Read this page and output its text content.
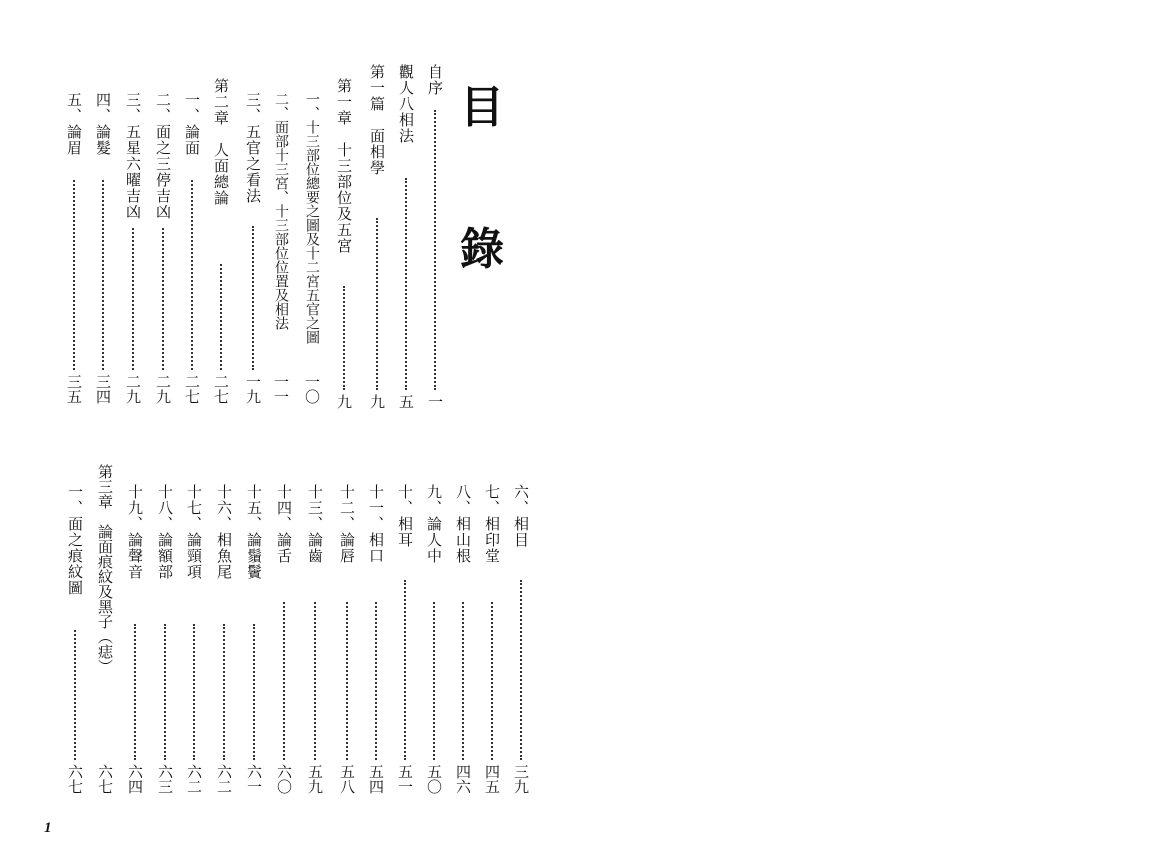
目
錄
自序
一
觀人八相法
五
第一篇　面相學
九
第一章　十三部位及五宮
九
一、十三部位總要之圖及十二宮五官之圖
一〇
二、面部十三宮、十三部位位置及相法
一一
三、五官之看法
一九
第二章　人面總論
二七
一、論面
二七
二、面之三停吉凶
二九
三、五星六曜吉凶
二九
四、論髮
三四
五、論眉
三五
六、相目
三九
七、相印堂
四五
八、相山根
四六
九、論人中
五〇
十、相耳
五一
十一、相口
五四
十二、論唇
五八
十三、論齒
五九
十四、論舌
六〇
十五、論鬚鬢
六一
十六、相魚尾
六二
十七、論頸項
六二
十八、論額部
六三
十九、論聲音
六四
第三章　論面痕紋及黑子（痣）
六七
一、面之痕紋圖
六七
1
